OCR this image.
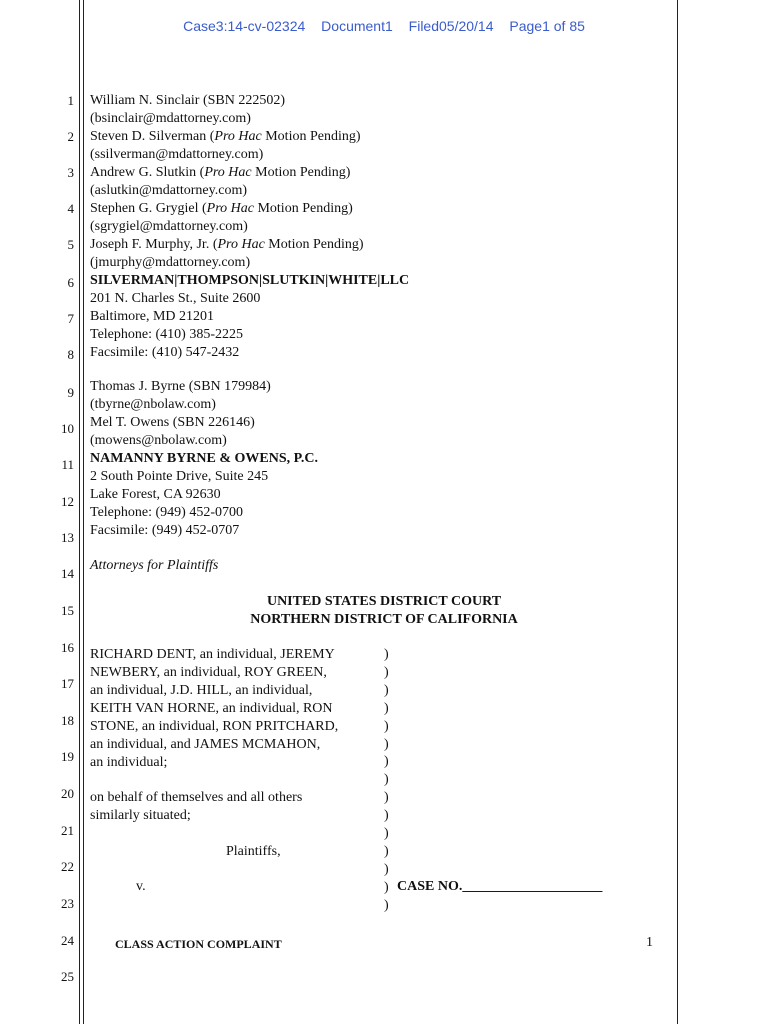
Case3:14-cv-02324 Document1 Filed05/20/14 Page1 of 85
1
2
3
4
5
6
7
8
9
10
11
12
13
14
15
16
17
18
19
20
21
22
23
24
25
William N. Sinclair (SBN 222502)
(bsinclair@mdattorney.com)
Steven D. Silverman (Pro Hac Motion Pending)
(ssilverman@mdattorney.com)
Andrew G. Slutkin (Pro Hac Motion Pending)
(aslutkin@mdattorney.com)
Stephen G. Grygiel (Pro Hac Motion Pending)
(sgrygiel@mdattorney.com)
Joseph F. Murphy, Jr. (Pro Hac Motion Pending)
(jmurphy@mdattorney.com)
SILVERMAN|THOMPSON|SLUTKIN|WHITE|LLC
201 N. Charles St., Suite 2600
Baltimore, MD 21201
Telephone: (410) 385-2225
Facsimile: (410) 547-2432
Thomas J. Byrne (SBN 179984)
(tbyrne@nbolaw.com)
Mel T. Owens (SBN 226146)
(mowens@nbolaw.com)
NAMANNY BYRNE & OWENS, P.C.
2 South Pointe Drive, Suite 245
Lake Forest, CA 92630
Telephone: (949) 452-0700
Facsimile: (949) 452-0707
Attorneys for Plaintiffs
UNITED STATES DISTRICT COURT
NORTHERN DISTRICT OF CALIFORNIA
RICHARD DENT, an individual, JEREMY
NEWBERY, an individual, ROY GREEN,
an individual, J.D. HILL, an individual,
KEITH VAN HORNE, an individual, RON
STONE, an individual, RON PRITCHARD,
an individual, and JAMES MCMAHON,
an individual;
on behalf of themselves and all others
similarly situated;
Plaintiffs,
v.
)
)
)
)
)
)
)
)
)
)
)
)
)
)
)
CASE NO.____________________
CLASS ACTION COMPLAINT	1
